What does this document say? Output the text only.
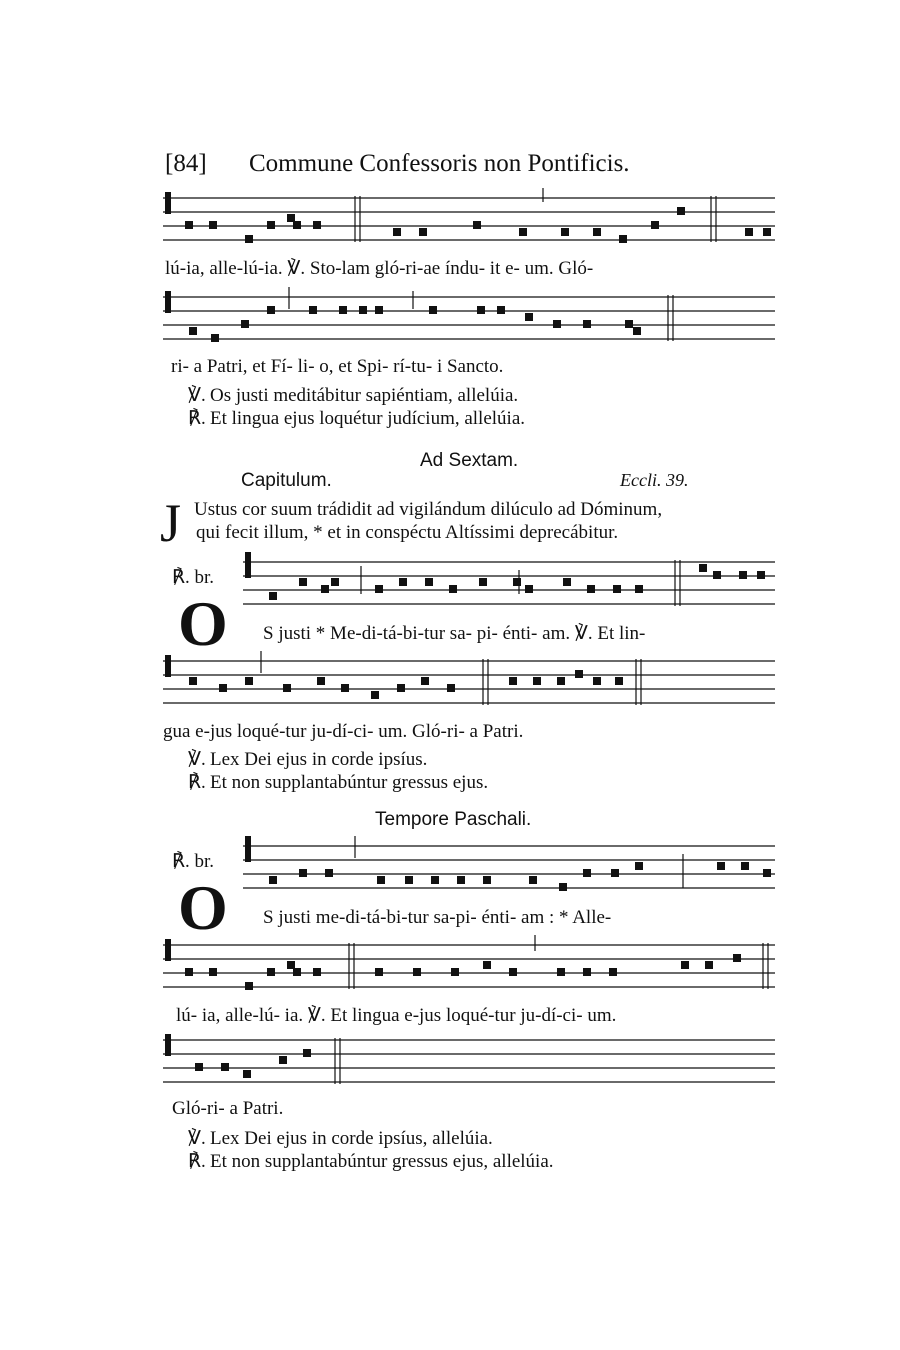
[84] Commune Confessoris non Pontificis.
lú-ia, alle-lú-ia. ℣. Sto-lam gló-ri-ae índu- it e- um. Gló-
ri- a Patri, et Fí- li- o, et Spi- rí-tu- i Sancto.
℣. Os justi meditábitur sapiéntiam, allelúia.
℟. Et lingua ejus loquétur judícium, allelúia.
Ad Sextam.
Capitulum.	Eccli. 39.
J Ustus cor suum trádidit ad vigilándum dilúculo ad Dóminum,
qui fecit illum, * et in conspéctu Altíssimi deprecábitur.
℟. br.
O S justi * Me-di-tá-bi-tur sa- pi- énti- am. ℣. Et lin-
gua e-jus loqué-tur ju-dí-ci- um. Gló-ri- a Patri.
℣. Lex Dei ejus in corde ipsíus.
℟. Et non supplantabúntur gressus ejus.
Tempore Paschali.
℟. br.
O S justi me-di-tá-bi-tur sa-pi- énti- am : * Alle-
lú- ia, alle-lú- ia. ℣. Et lingua e-jus loqué-tur ju-dí-ci- um.
Gló-ri- a Patri.
℣. Lex Dei ejus in corde ipsíus, allelúia.
℟. Et non supplantabúntur gressus ejus, allelúia.
